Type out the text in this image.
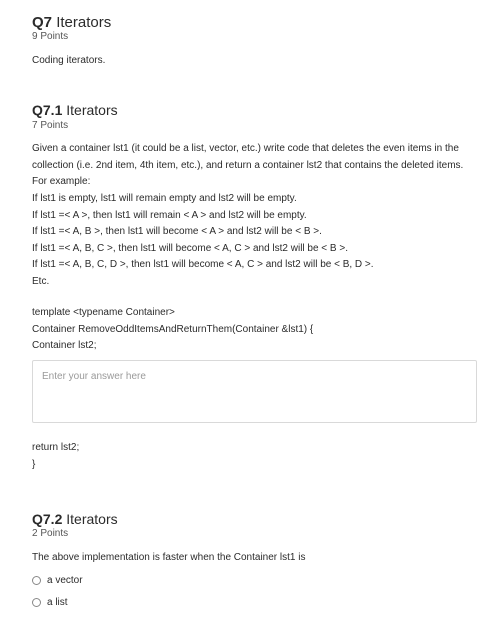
Q7 Iterators
9 Points
Coding iterators.
Q7.1 Iterators
7 Points
Given a container lst1 (it could be a list, vector, etc.) write code that deletes the even items in the collection (i.e. 2nd item, 4th item, etc.), and return a container lst2 that contains the deleted items. For example:
If lst1 is empty, lst1 will remain empty and lst2 will be empty.
If lst1 =< A >, then lst1 will remain < A > and lst2 will be empty.
If lst1 =< A, B >, then lst1 will become < A > and lst2 will be < B >.
If lst1 =< A, B, C >, then lst1 will become < A, C > and lst2 will be < B >.
If lst1 =< A, B, C, D >, then lst1 will become < A, C > and lst2 will be < B, D >.
Etc.
template <typename Container>
Container RemoveOddItemsAndReturnThem(Container &lst1) {
Container lst2;
Enter your answer here
return lst2;
}
Q7.2 Iterators
2 Points
The above implementation is faster when the Container lst1 is
a vector
a list
